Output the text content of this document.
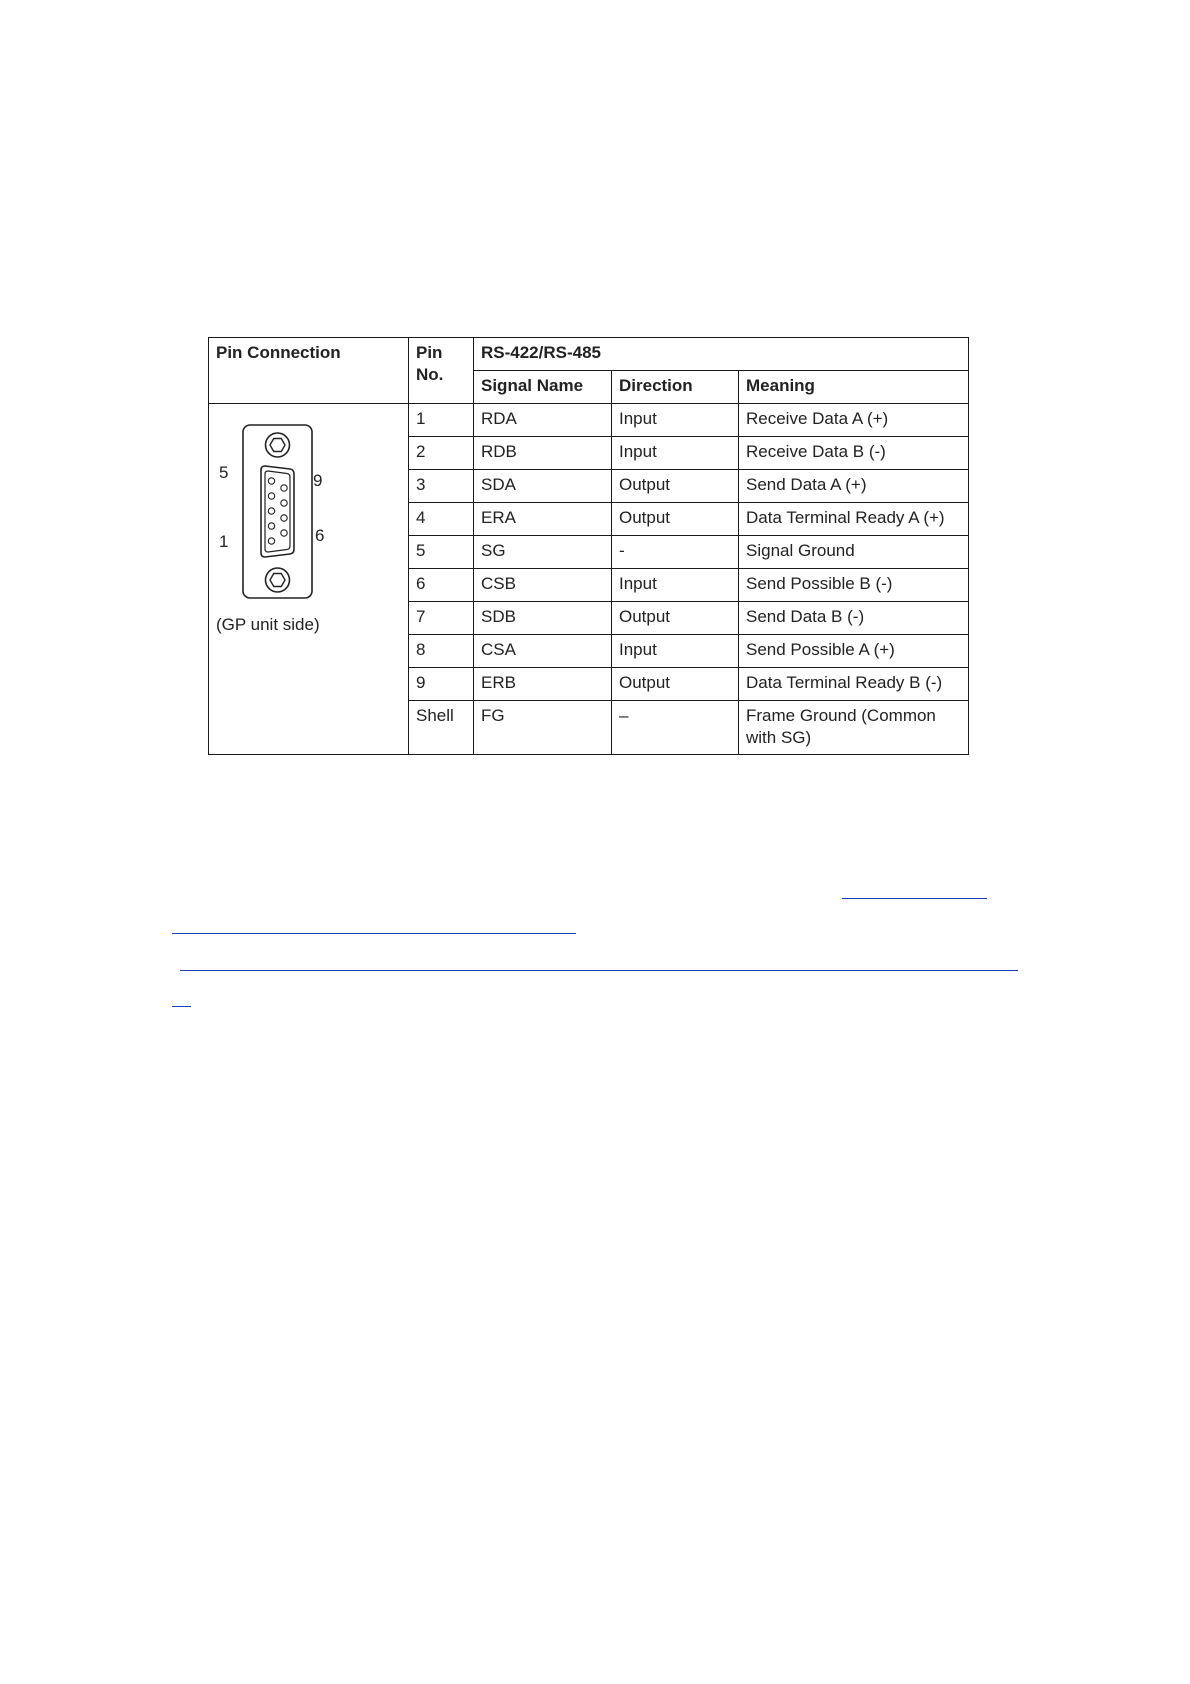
Pin Connection	Pin No.	RS-422/RS-485		
		Signal Name	Direction	Meaning

5
1
9
6
(GP unit side)	1	RDA	Input	Receive Data A (+)
	2	RDB	Input	Receive Data B (-)
	3	SDA	Output	Send Data A (+)
	4	ERA	Output	Data Terminal Ready A (+)
	5	SG	-	Signal Ground
	6	CSB	Input	Send Possible B (-)
	7	SDB	Output	Send Data B (-)
	8	CSA	Input	Send Possible A (+)
	9	ERB	Output	Data Terminal Ready B (-)
	Shell	FG	–	Frame Ground (Common with SG)
